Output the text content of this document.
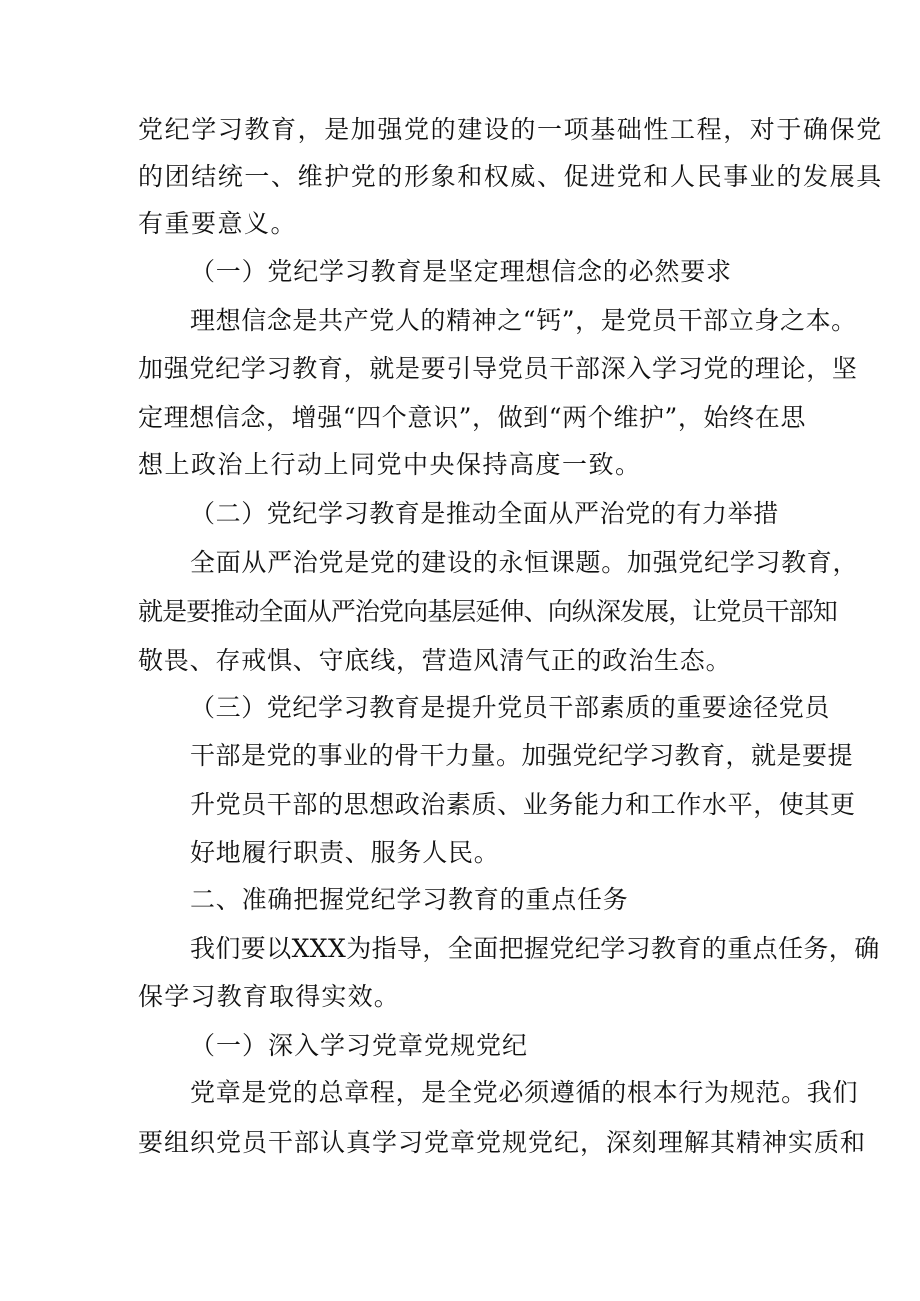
党纪学习教育，是加强党的建设的一项基础性工程，对于确保党
的团结统一、维护党的形象和权威、促进党和人民事业的发展具
有重要意义。
（一）党纪学习教育是坚定理想信念的必然要求
理想信念是共产党人的精神之“钙”，是党员干部立身之本。
加强党纪学习教育，就是要引导党员干部深入学习党的理论，坚
定理想信念，增强“四个意识”，做到“两个维护”，始终在思
想上政治上行动上同党中央保持高度一致。
（二）党纪学习教育是推动全面从严治党的有力举措
全面从严治党是党的建设的永恒课题。加强党纪学习教育，
就是要推动全面从严治党向基层延伸、向纵深发展，让党员干部知
敬畏、存戒惧、守底线，营造风清气正的政治生态。
（三）党纪学习教育是提升党员干部素质的重要途径党员
干部是党的事业的骨干力量。加强党纪学习教育，就是要提
升党员干部的思想政治素质、业务能力和工作水平，使其更
好地履行职责、服务人民。
二、准确把握党纪学习教育的重点任务
我们要以XXX为指导，全面把握党纪学习教育的重点任务，确
保学习教育取得实效。
（一）深入学习党章党规党纪
党章是党的总章程，是全党必须遵循的根本行为规范。我们
要组织党员干部认真学习党章党规党纪，深刻理解其精神实质和
